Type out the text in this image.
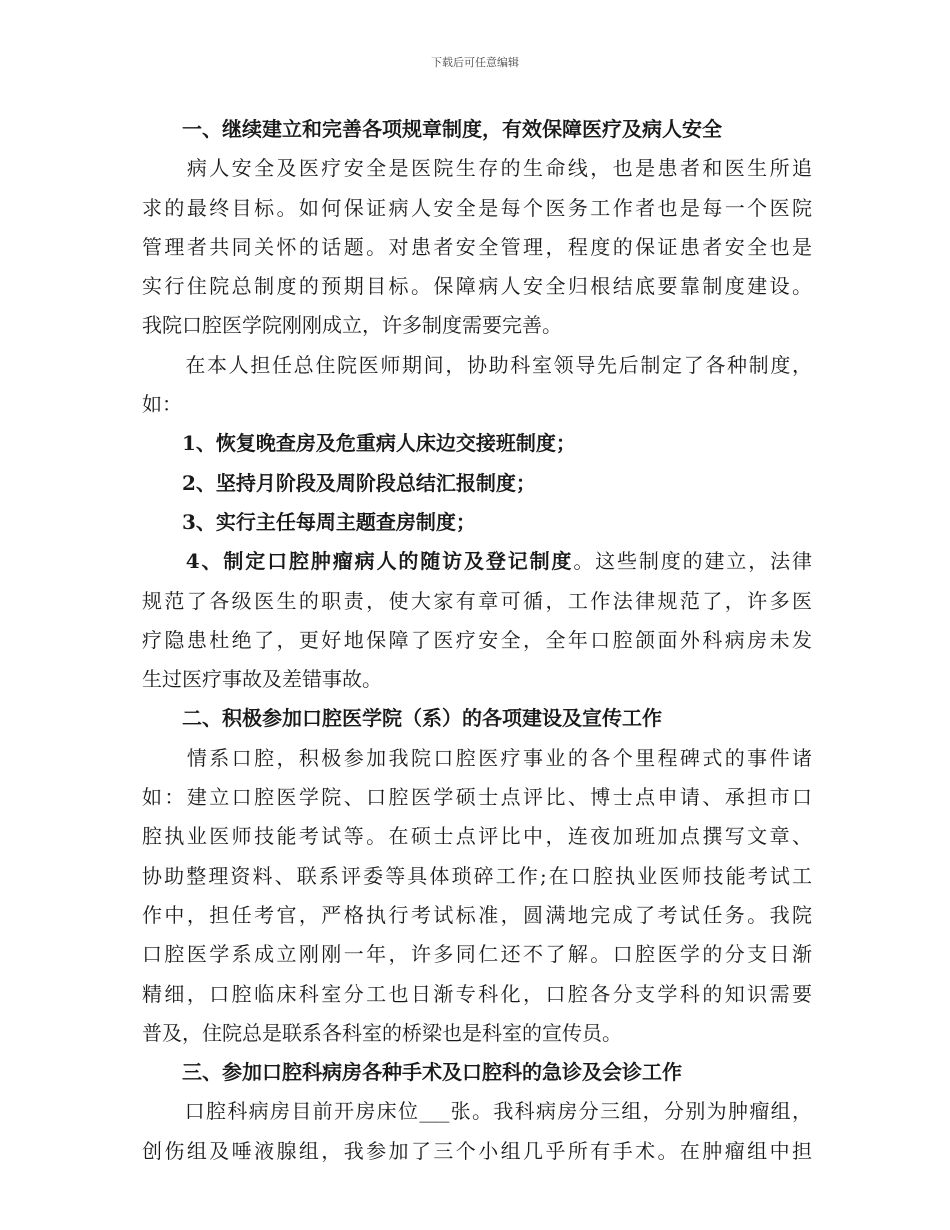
下载后可任意编辑
　　一、继续建立和完善各项规章制度，有效保障医疗及病人安全
　　病人安全及医疗安全是医院生存的生命线，也是患者和医生所追
求的最终目标。如何保证病人安全是每个医务工作者也是每一个医院
管理者共同关怀的话题。对患者安全管理，程度的保证患者安全也是
实行住院总制度的预期目标。保障病人安全归根结底要靠制度建设。
我院口腔医学院刚刚成立，许多制度需要完善。
　　在本人担任总住院医师期间，协助科室领导先后制定了各种制度，
如：
　　1、恢复晚查房及危重病人床边交接班制度；
　　2、坚持月阶段及周阶段总结汇报制度；
　　3、实行主任每周主题查房制度；
　　4、制定口腔肿瘤病人的随访及登记制度。这些制度的建立，法律
规范了各级医生的职责，使大家有章可循，工作法律规范了，许多医
疗隐患杜绝了，更好地保障了医疗安全，全年口腔颌面外科病房未发
生过医疗事故及差错事故。
　　二、积极参加口腔医学院（系）的各项建设及宣传工作
　　情系口腔，积极参加我院口腔医疗事业的各个里程碑式的事件诸
如：建立口腔医学院、口腔医学硕士点评比、博士点申请、承担市口
腔执业医师技能考试等。在硕士点评比中，连夜加班加点撰写文章、
协助整理资料、联系评委等具体琐碎工作;在口腔执业医师技能考试工
作中，担任考官，严格执行考试标准，圆满地完成了考试任务。我院
口腔医学系成立刚刚一年，许多同仁还不了解。口腔医学的分支日渐
精细，口腔临床科室分工也日渐专科化，口腔各分支学科的知识需要
普及，住院总是联系各科室的桥梁也是科室的宣传员。
　　三、参加口腔科病房各种手术及口腔科的急诊及会诊工作
　　口腔科病房目前开房床位___张。我科病房分三组，分别为肿瘤组，
创伤组及唾液腺组，我参加了三个小组几乎所有手术。在肿瘤组中担
